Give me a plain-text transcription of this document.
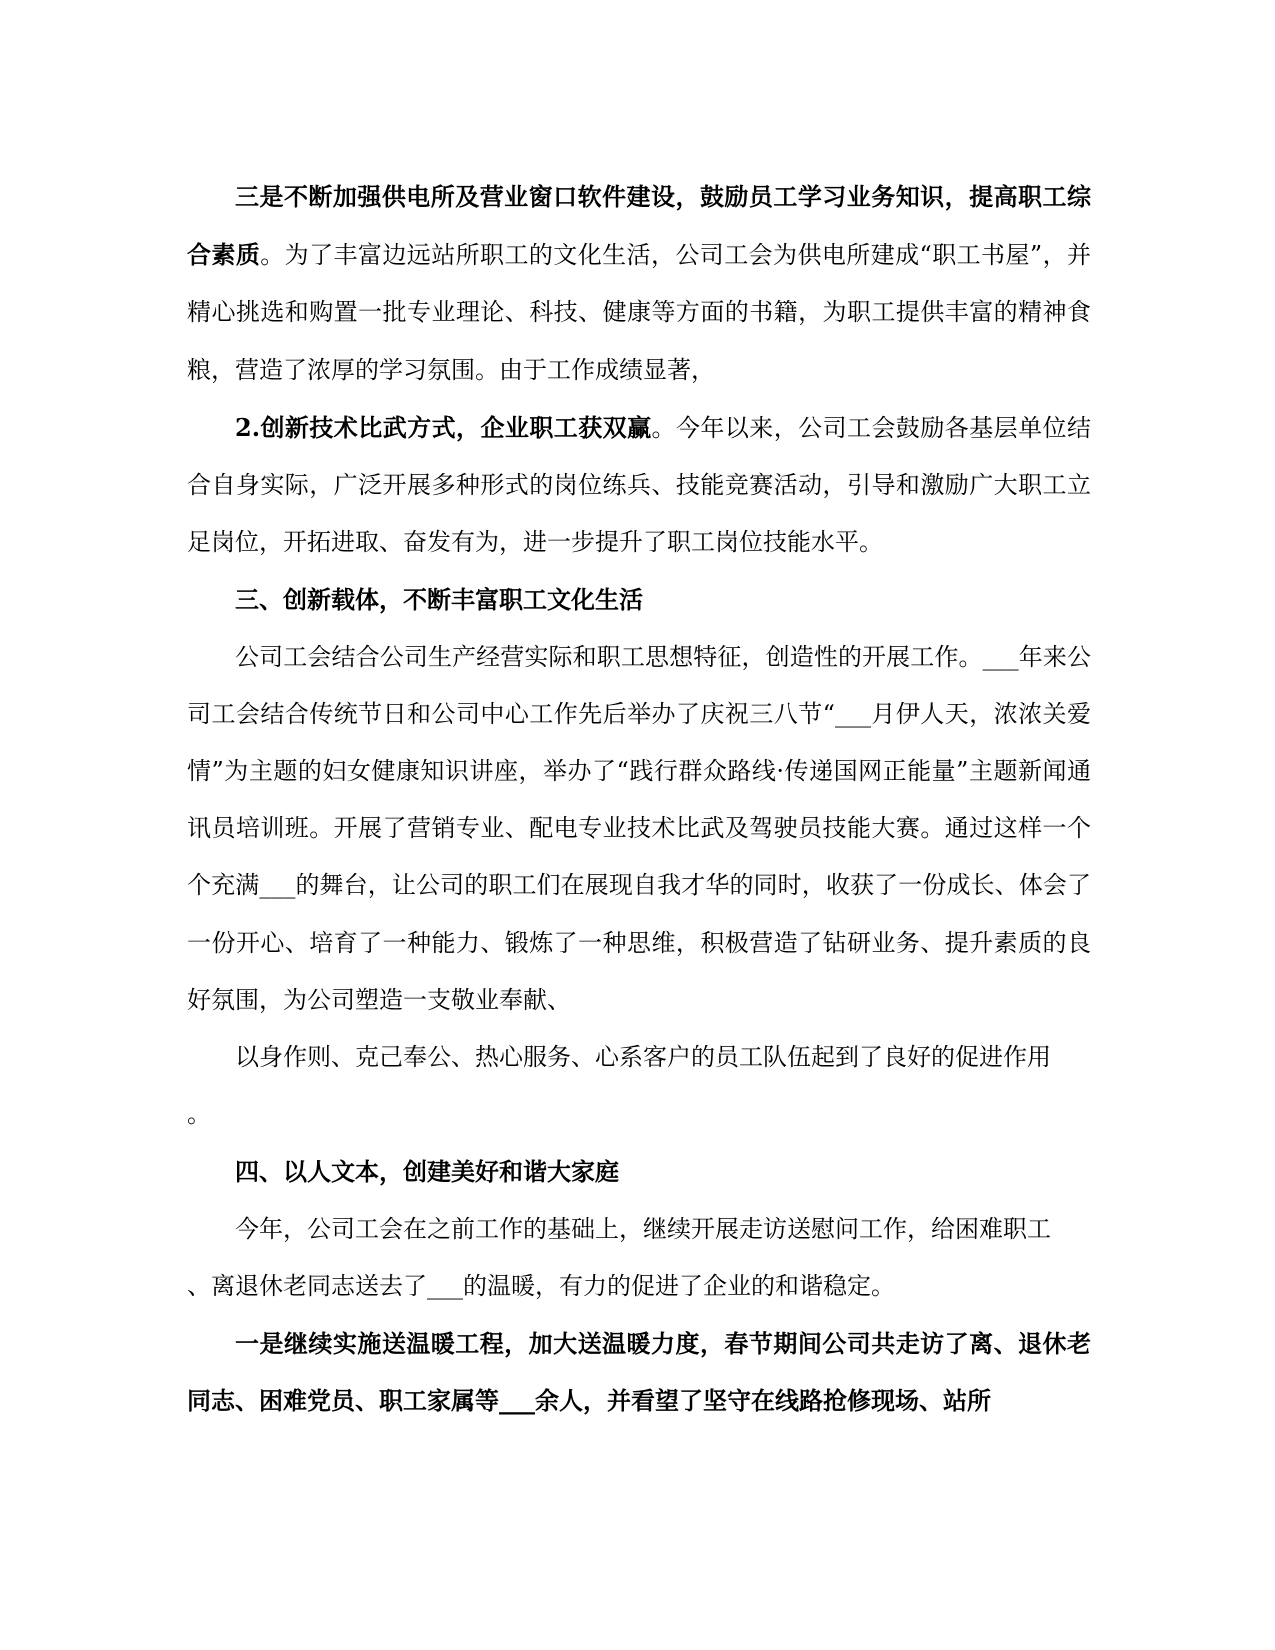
三是不断加强供电所及营业窗口软件建设，鼓励员工学习业务知识，提高职工综合素质。为了丰富边远站所职工的文化生活，公司工会为供电所建成“职工书屋”，并精心挑选和购置一批专业理论、科技、健康等方面的书籍，为职工提供丰富的精神食粮，营造了浓厚的学习氛围。由于工作成绩显著，

2.创新技术比武方式，企业职工获双赢。今年以来，公司工会鼓励各基层单位结合自身实际，广泛开展多种形式的岗位练兵、技能竞赛活动，引导和激励广大职工立足岗位，开拓进取、奋发有为，进一步提升了职工岗位技能水平。

三、创新载体，不断丰富职工文化生活

公司工会结合公司生产经营实际和职工思想特征，创造性的开展工作。___年来公司工会结合传统节日和公司中心工作先后举办了庆祝三八节“___月伊人天，浓浓关爱情”为主题的妇女健康知识讲座，举办了“践行群众路线·传递国网正能量”主题新闻通讯员培训班。开展了营销专业、配电专业技术比武及驾驶员技能大赛。通过这样一个个充满___的舞台，让公司的职工们在展现自我才华的同时，收获了一份成长、体会了一份开心、培育了一种能力、锻炼了一种思维，积极营造了钻研业务、提升素质的良好氛围，为公司塑造一支敬业奉献、

以身作则、克己奉公、热心服务、心系客户的员工队伍起到了良好的促进作用

。

四、以人文本，创建美好和谐大家庭

今年，公司工会在之前工作的基础上，继续开展走访送慰问工作，给困难职工

、离退休老同志送去了___的温暖，有力的促进了企业的和谐稳定。

一是继续实施送温暖工程，加大送温暖力度，春节期间公司共走访了离、退休老同志、困难党员、职工家属等___余人，并看望了坚守在线路抢修现场、站所
